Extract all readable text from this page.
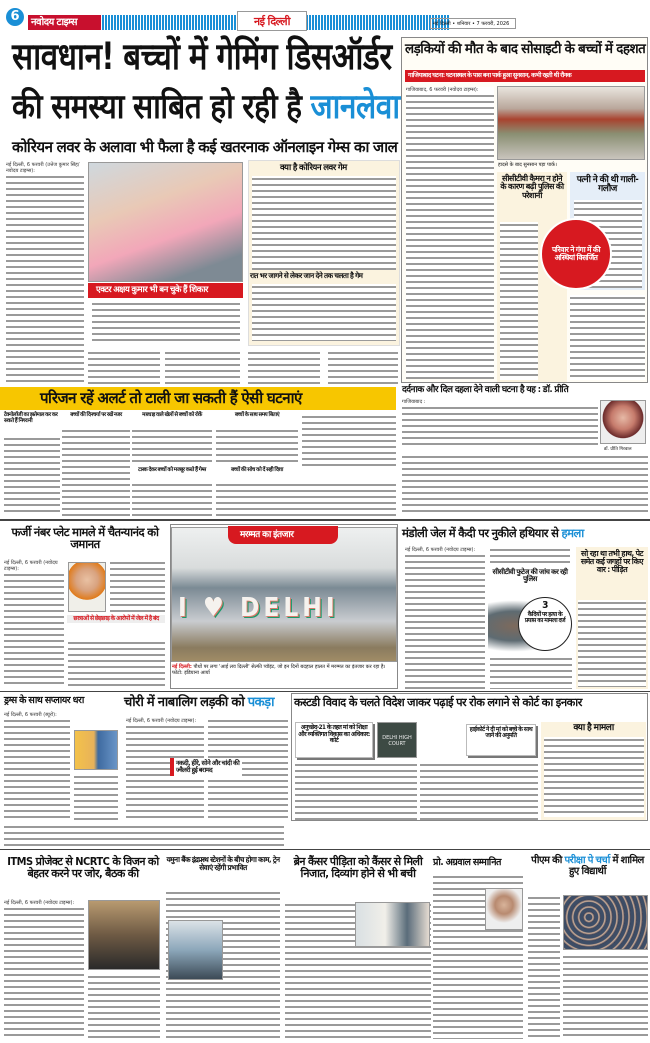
6	नवोदय टाइम्स	नई दिल्ली	नई दिल्ली • शनिवार • 7 फरवरी, 2026
सावधान! बच्चों में गेमिंग डिसऑर्डर
की समस्या साबित हो रही है जानलेवा
कोरियन लवर के अलावा भी फैला है कई खतरनाक ऑनलाइन गेम्स का जाल
नई दिल्ली, 6 फरवरी (उत्तेज कुमार सिंह/नवोदय टाइम्स):
एक्टर अक्षय कुमार भी बन चुके हैं शिकार
क्या है कोरियन लवर गेम
रात भर जागने से लेकर जान देने तक चलता है गेम
परिजन रहें अलर्ट तो टाली जा सकती हैं ऐसी घटनाएं
टेक्नोलॉजी का इस्तेमाल कर कर सकते हैं निगरानी
बच्चों की दिनचर्या पर रखें नजर	मारधाड़ वाले खेलों से बच्चों को रोकें
टास्क देकर बच्चों को मजबूर करते हैं गेम्स
बच्चों के साथ समय बिताएं
बच्चों की सोच को दें सही दिशा
लड़कियों की मौत के बाद सोसाइटी के बच्चों में दहशत
गाजियाबाद घटना: घटनास्थल के पास बना पार्क हुआ सुनसान, कभी रहती थी रौनक
गाजियाबाद, 6 फरवरी (नवोदय टाइम्स):
हादसे के बाद सुनसान पड़ा पार्क।
सीसीटीवी कैमरा न होने के कारण बढ़ी पुलिस की परेशानी
पत्नी ने की थी गाली-गलौज
परिवार ने गंगा में की अस्थियां विसर्जित
दर्दनाक और दिल दहला देने वाली घटना है यह : डॉ. प्रीति
गाजियाबाद :
डॉ. प्रीति गिरवाल
फर्जी नंबर प्लेट मामले में चैतन्यानंद को जमानत
नई दिल्ली, 6 फरवरी (नवोदय टाइम्स):
छात्राओं से छेड़छाड़ के आरोपों में जेल में है बंद I ♥ DELHI
मरम्मत का इंतजार
नई दिल्ली: पौधों पर लगा 'आई लव दिल्ली' सेल्फी प्वॉइंट, जो इन दिनों बदहाल हालत में मरम्मत का इंतजार कर रहा है। फोटो: इंडियाना आर्या
मंडोली जेल में कैदी पर नुकीले हथियार से हमला
नई दिल्ली, 6 फरवरी (नवोदय टाइम्स):
सीसीटीवी फुटेज की जांच कर रही पुलिस
3
कैदियों पर हत्या के प्रयास का मामला दर्ज
सो रहा था तभी हाथ, पेट समेत कई जगहों पर किए वार : पीड़ित
ड्रग्स के साथ सप्लायर धरा
नई दिल्ली, 6 फरवरी (ब्यूरो):
चोरी में नाबालिग लड़की को पकड़ा
नई दिल्ली, 6 फरवरी (नवोदय टाइम्स):
नकदी, हीरे, सोने और चांदी की ज्वैलरी हुई बरामद
कस्टडी विवाद के चलते विदेश जाकर पढ़ाई पर रोक लगाने से कोर्ट का इनकार
अनुच्छेद-21 के तहत मां को शिक्षा और व्यक्तिगत विकास का अधिकार: कोर्ट	DELHI HIGH COURT
हाईकोर्ट ने दी मां को बच्चे के साथ जाने की अनुमति
क्या है मामला
ITMS प्रोजेक्ट से NCRTC के विजन को बेहतर करने पर जोर, बैठक की
नई दिल्ली, 6 फरवरी (नवोदय टाइम्स):
यमुना बैंक इंद्रप्रस्थ स्टेशनों के बीच होगा काम, ट्रेन सेवाएं रहेंगी प्रभावित	ब्रेन कैंसर पीड़िता को कैंसर से मिली निजात, दिव्यांग होने से भी बची
प्रो. अग्रवाल सम्मानित	पीएम की परीक्षा पे चर्चा में शामिल हुए विद्यार्थी
